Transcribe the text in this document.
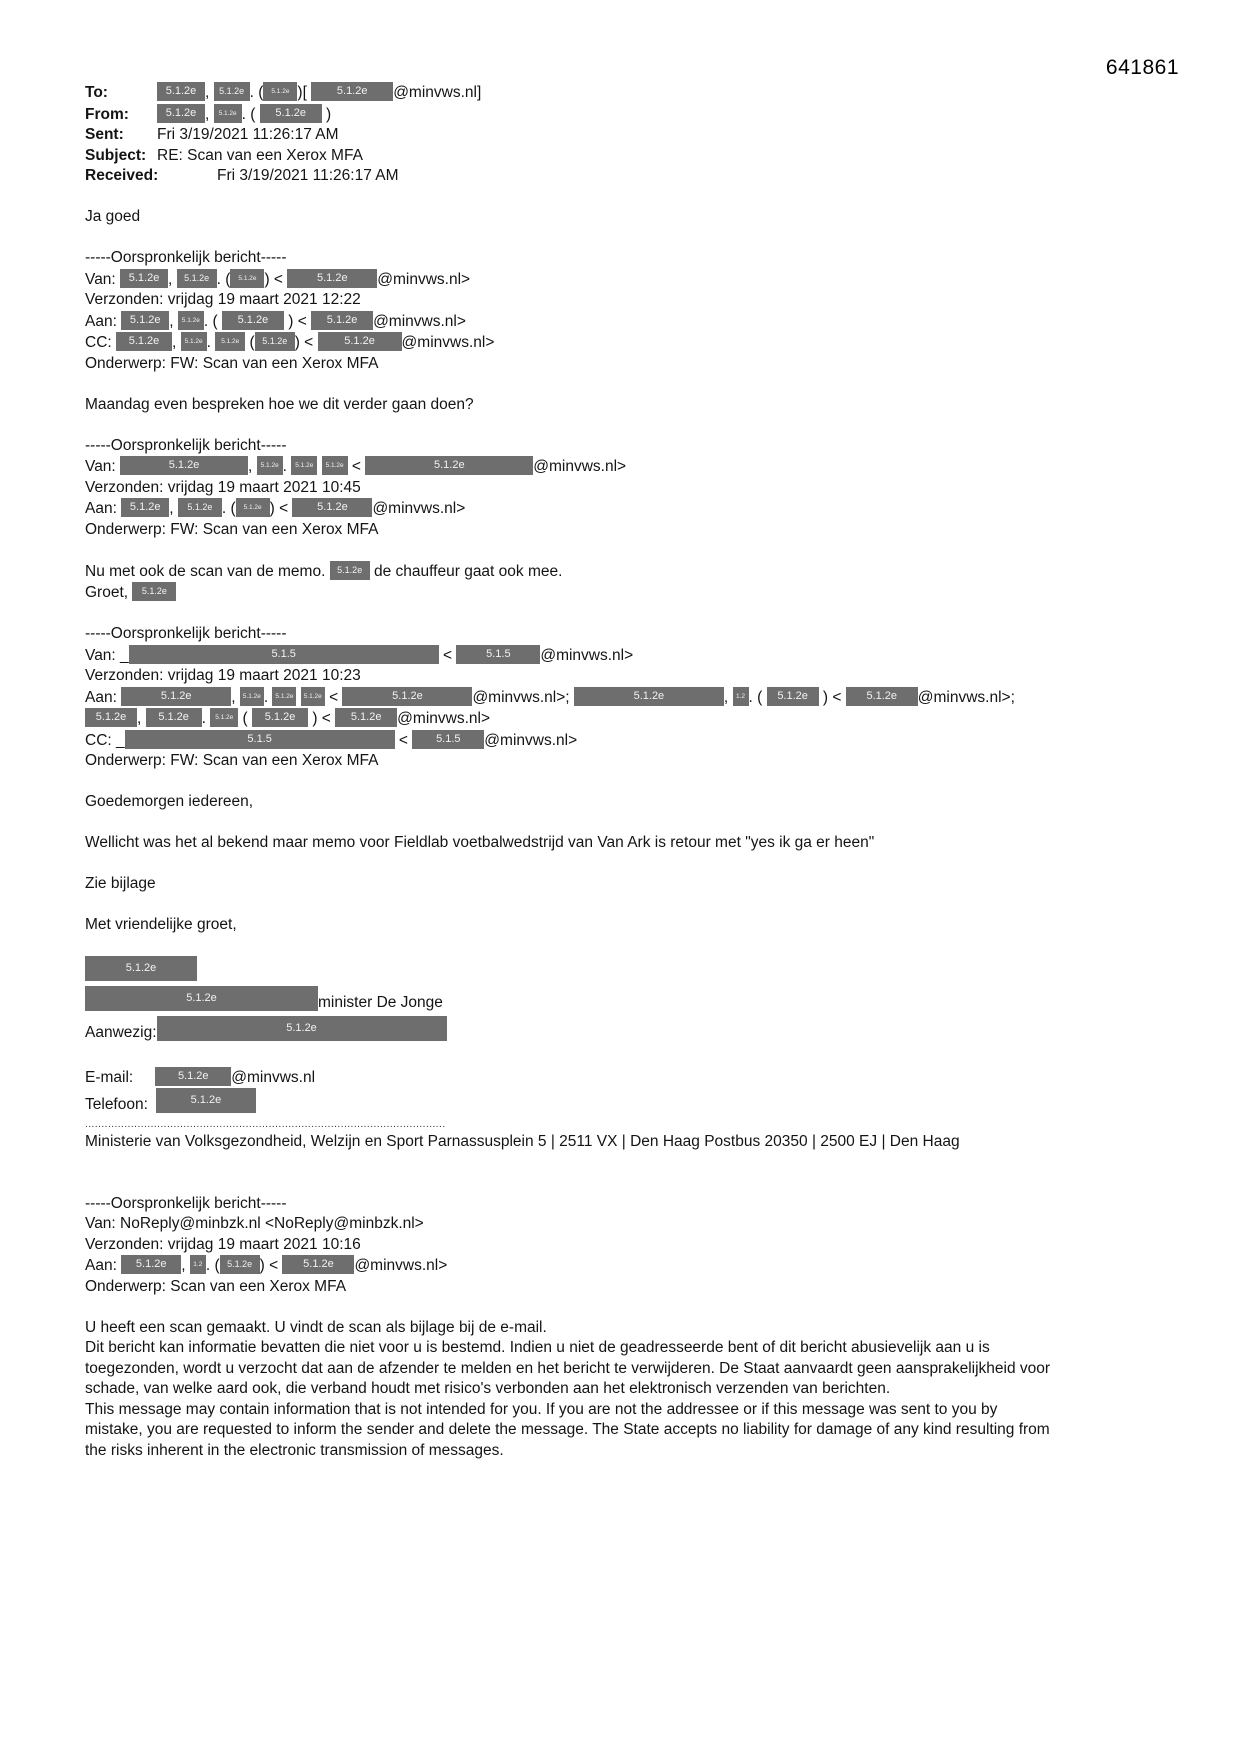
641861
To:	5.1.2e , 5.1.2e . ( 5.1.2e )[ 5.1.2e @minvws.nl]
From:	5.1.2e , 5.1.2e . ( 5.1.2e )
Sent: Fri 3/19/2021 11:26:17 AM
Subject: RE: Scan van een Xerox MFA
Received:	Fri 3/19/2021 11:26:17 AM
Ja goed
-----Oorspronkelijk bericht-----
Van: 5.1.2e , 5.1.2e . ( 5.1.2e ) <	5.1.2e @minvws.nl>
Verzonden: vrijdag 19 maart 2021 12:22
Aan: 5.1.2e , 5.1.2e . ( 5.1.2e ) < 5.1.2e @minvws.nl>
CC: 5.1.2e , 5.1.2e . 5.1.2e ( 5.1.2e ) < 5.1.2e @minvws.nl>
Onderwerp: FW: Scan van een Xerox MFA
Maandag even bespreken hoe we dit verder gaan doen?
-----Oorspronkelijk bericht-----
Van:	5.1.2e	, 5.1.2e . 5.1.2e 5.1.2e <	5.1.2e	@minvws.nl>
Verzonden: vrijdag 19 maart 2021 10:45
Aan: 5.1.2e , 5.1.2e . ( 5.1.2e ) < 5.1.2e @minvws.nl>
Onderwerp: FW: Scan van een Xerox MFA
Nu met ook de scan van de memo. 5.1.2e de chauffeur gaat ook mee.
Groet, 5.1.2e
-----Oorspronkelijk bericht-----
Van: _	5.1.5	<	5.1.5 @minvws.nl>
Verzonden: vrijdag 19 maart 2021 10:23
Aan:	5.1.2e	, 5.1.2e . 5.1.2e 5.1.2e <	5.1.2e	@minvws.nl>;	5.1.2e	, 1.2 . ( 5.1.2e ) < 5.1.2e @minvws.nl>;
5.1.2e , 5.1.2e . 5.1.2e ( 5.1.2e ) < 5.1.2e @minvws.nl>
CC: _	5.1.5	< 5.1.5 @minvws.nl>
Onderwerp: FW: Scan van een Xerox MFA
Goedemorgen iedereen,
Wellicht was het al bekend maar memo voor Fieldlab voetbalwedstrijd van Van Ark is retour met "yes ik ga er heen"
Zie bijlage
Met vriendelijke groet,
5.1.2e
5.1.2e	minister De Jonge
Aanwezig:	5.1.2e
E-mail:	5.1.2e @minvws.nl
Telefoon:	5.1.2e
..............................................................................................................
Ministerie van Volksgezondheid, Welzijn en Sport Parnassusplein 5 | 2511 VX | Den Haag Postbus 20350 | 2500 EJ | Den Haag
-----Oorspronkelijk bericht-----
Van: NoReply@minbzk.nl <NoReply@minbzk.nl>
Verzonden: vrijdag 19 maart 2021 10:16
Aan: 5.1.2e , 1.2 . ( 5.1.2e ) < 5.1.2e @minvws.nl>
Onderwerp: Scan van een Xerox MFA
U heeft een scan gemaakt. U vindt de scan als bijlage bij de e-mail.
Dit bericht kan informatie bevatten die niet voor u is bestemd. Indien u niet de geadresseerde bent of dit bericht abusievelijk aan u is toegezonden, wordt u verzocht dat aan de afzender te melden en het bericht te verwijderen. De Staat aanvaardt geen aansprakelijkheid voor schade, van welke aard ook, die verband houdt met risico's verbonden aan het elektronisch verzenden van berichten.
This message may contain information that is not intended for you. If you are not the addressee or if this message was sent to you by mistake, you are requested to inform the sender and delete the message. The State accepts no liability for damage of any kind resulting from the risks inherent in the electronic transmission of messages.
